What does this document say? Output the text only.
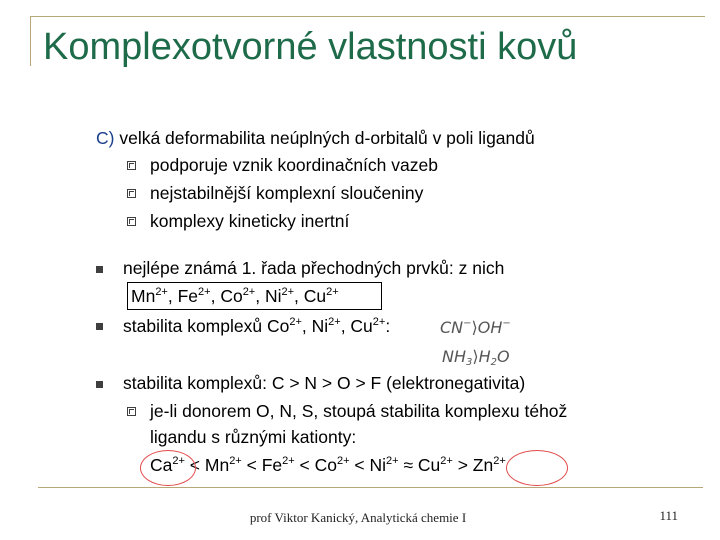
Komplexotvorné vlastnosti kovů
C) velká deformabilita neúplných d-orbitalů v poli ligandů
podporuje vznik koordinačních vazeb
nejstabilnější komplexní sloučeniny
komplexy kineticky inertní
nejlépe známá 1. řada přechodných prvků: z nich
$Mn^{2+}$, $Fe^{2+}$, $Co^{2+}$, $Ni^{2+}$, $Cu^{2+}$
stabilita komplexů $Co^{2+}$, $Ni^{2+}$, $Cu^{2+}$:	CN−⟩OH−
$NH_3⟩H_2O$
stabilita komplexů: C > N > O > F (elektronegativita)
je-li donorem O, N, S, stoupá stabilita komplexu téhož
ligandu s různými kationty:
$Ca^{2+} < Mn^{2+} < Fe^{2+} < Co^{2+} < Ni^{2+} \approx Cu^{2+} > Zn^{2+}$
prof Viktor Kanický, Analytická chemie I	111
